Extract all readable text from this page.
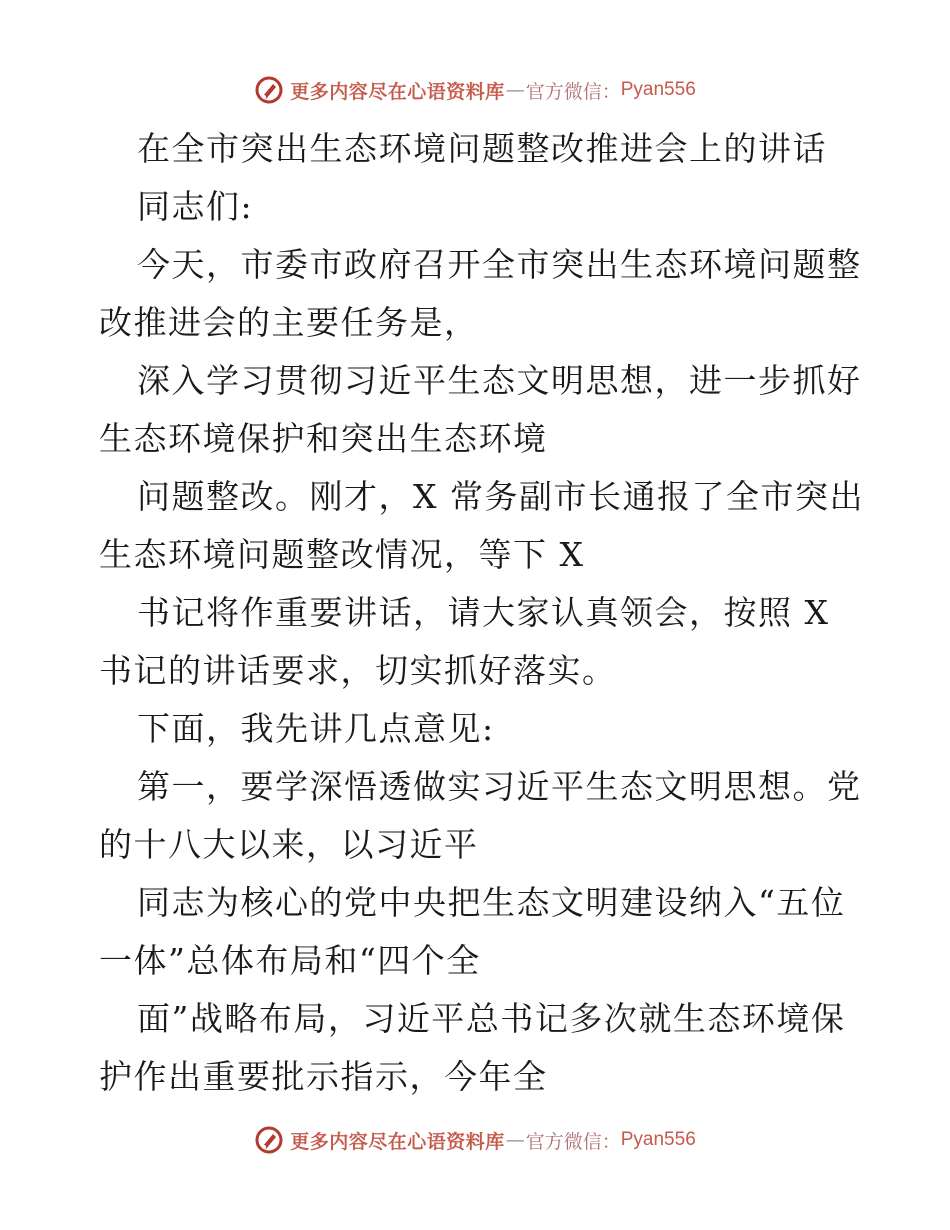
更多内容尽在心语资料库 — 官方微信： Pyan556
在全市突出生态环境问题整改推进会上的讲话
同志们:
今天，市委市政府召开全市突出生态环境问题整
改推进会的主要任务是，
深入学习贯彻习近平生态文明思想，进一步抓好
生态环境保护和突出生态环境
问题整改。刚才，X 常务副市长通报了全市突出
生态环境问题整改情况，等下 X
书记将作重要讲话，请大家认真领会，按照 X
书记的讲话要求，切实抓好落实。
下面，我先讲几点意见:
第一，要学深悟透做实习近平生态文明思想。党
的十八大以来，以习近平
同志为核心的党中央把生态文明建设纳入“五位
一体”总体布局和“四个全
面”战略布局，习近平总书记多次就生态环境保
护作出重要批示指示，今年全
更多内容尽在心语资料库 — 官方微信： Pyan556
